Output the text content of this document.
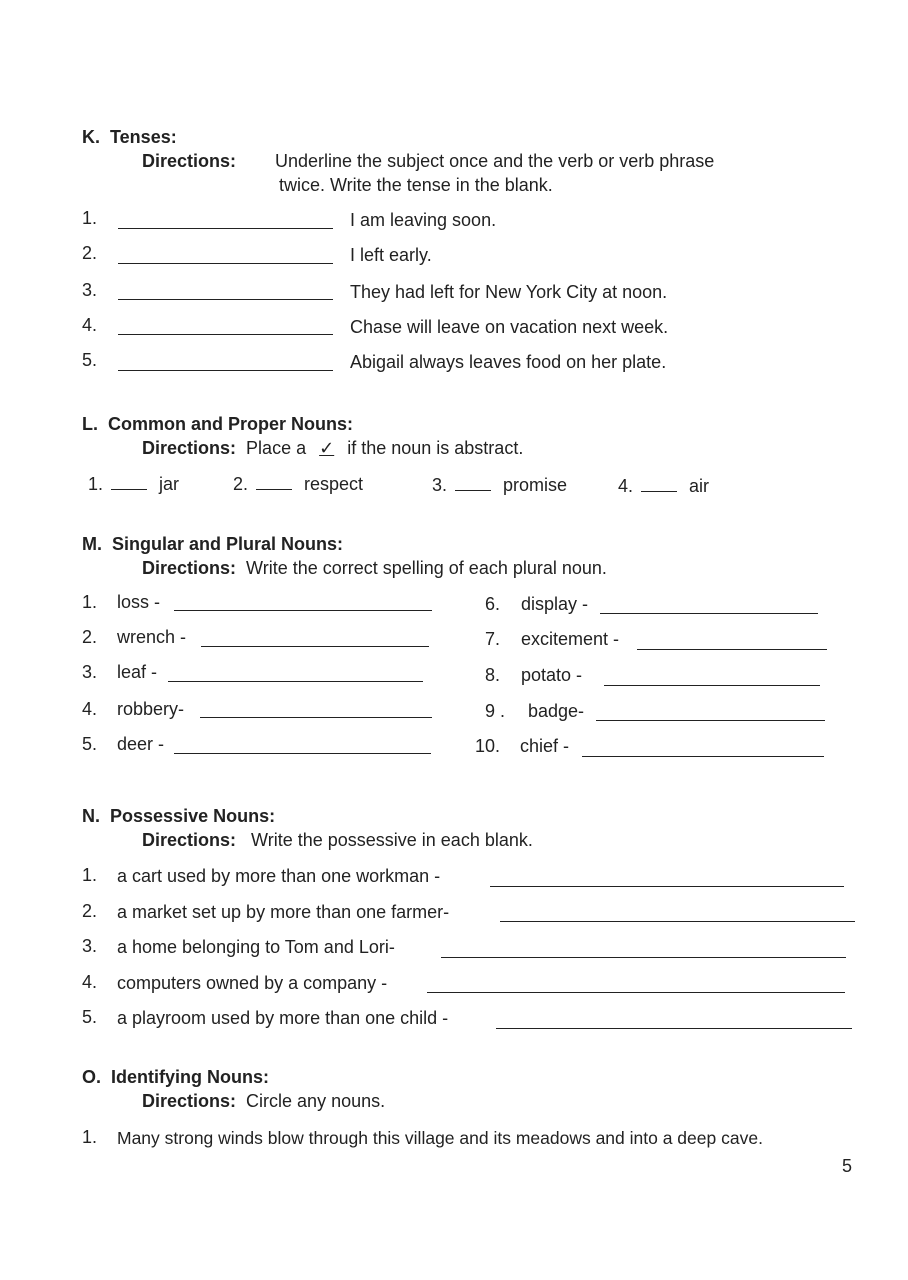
K. Tenses:
Directions: Underline the subject once and the verb or verb phrase
twice. Write the tense in the blank.
1.	I am leaving soon.
2.	I left early.
3.	They had left for New York City at noon.
4.	Chase will leave on vacation next week.
5.	Abigail always leaves food on her plate.
L. Common and Proper Nouns:
Directions: Place a ✓ if the noun is abstract.
1.	jar	2.	respect	3.	promise	4.	air
M. Singular and Plural Nouns:
Directions: Write the correct spelling of each plural noun.
1. loss -
2. wrench -
3. leaf -
4. robbery-
5. deer -
6. display -
7. excitement -
8. potato -
9 . badge-
10. chief -
N. Possessive Nouns:
Directions: Write the possessive in each blank.
1. a cart used by more than one workman -
2. a market set up by more than one farmer-
3. a home belonging to Tom and Lori-
4. computers owned by a company -
5. a playroom used by more than one child -
O. Identifying Nouns:
Directions: Circle any nouns.
1. Many strong winds blow through this village and its meadows and into a deep cave.
5
